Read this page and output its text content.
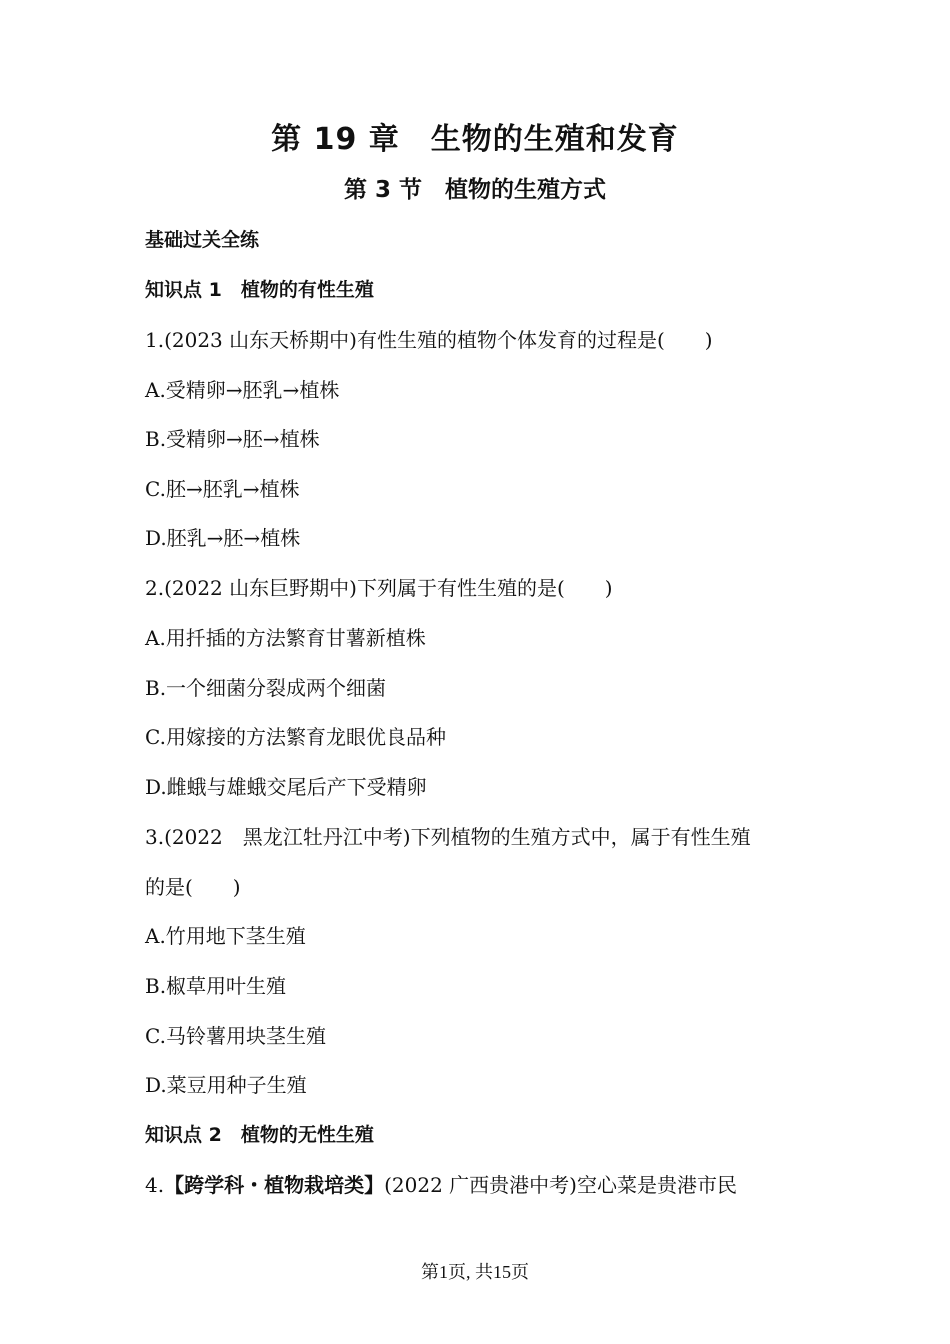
第 19 章　生物的生殖和发育
第 3 节　植物的生殖方式
基础过关全练
知识点 1　植物的有性生殖
1.(2023 山东天桥期中)有性生殖的植物个体发育的过程是(　　)
A.受精卵→胚乳→植株
B.受精卵→胚→植株
C.胚→胚乳→植株
D.胚乳→胚→植株
2.(2022 山东巨野期中)下列属于有性生殖的是(　　)
A.用扦插的方法繁育甘薯新植株
B.一个细菌分裂成两个细菌
C.用嫁接的方法繁育龙眼优良品种
D.雌蛾与雄蛾交尾后产下受精卵
3.(2022　黑龙江牡丹江中考)下列植物的生殖方式中，属于有性生殖
的是(　　)
A.竹用地下茎生殖
B.椒草用叶生殖
C.马铃薯用块茎生殖
D.菜豆用种子生殖
知识点 2　植物的无性生殖
4.【跨学科・植物栽培类】(2022 广西贵港中考)空心菜是贵港市民
第1页, 共15页
